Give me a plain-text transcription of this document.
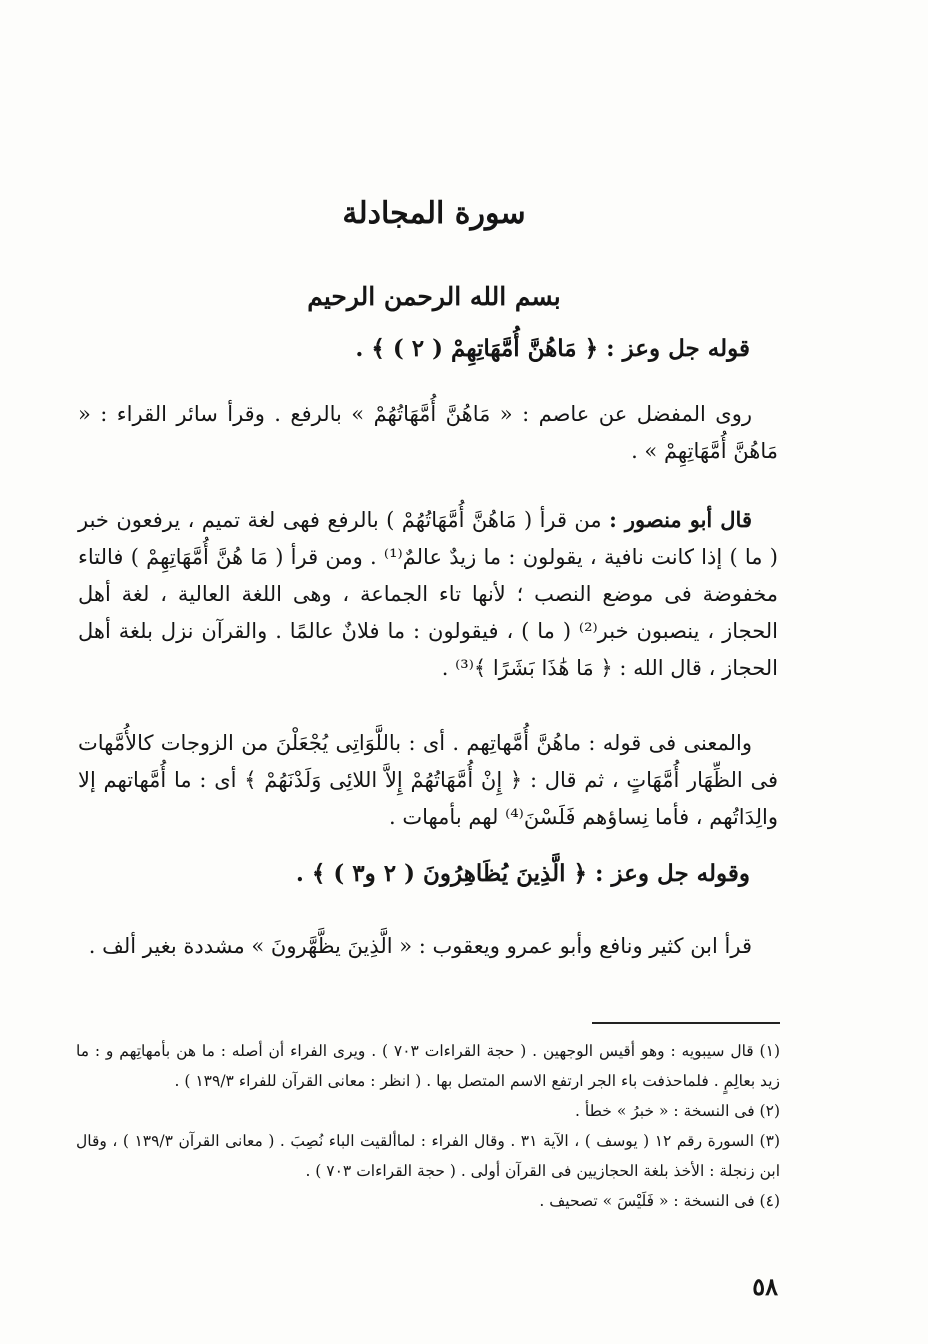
سورة المجادلة
بسم الله الرحمن الرحيم
قوله جل وعز : ﴿ مَاهُنَّ أُمَّهَاتِهِمْ ( ٢ ) ﴾ .

روى المفضل عن عاصم : « مَاهُنَّ أُمَّهَاتُهُمْ » بالرفع . وقرأ سائر القراء : « مَاهُنَّ أُمَّهَاتِهِمْ » .

قال أبو منصور : من قرأ ( مَاهُنَّ أُمَّهَاتُهُمْ ) بالرفع فهى لغة تميم ، يرفعون خبر ( ما ) إذا كانت نافية ، يقولون : ما زيدٌ عالمٌ⁽¹⁾ . ومن قرأ ( مَا هُنَّ أُمَّهَاتِهِمْ ) فالتاء مخفوضة فى موضع النصب ؛ لأنها تاء الجماعة ، وهى اللغة العالية ، لغة أهل الحجاز ، ينصبون خبر⁽²⁾ ( ما ) ، فيقولون : ما فلانٌ عالمًا . والقرآن نزل بلغة أهل الحجاز ، قال الله : ﴿ مَا هَٰذَا بَشَرًا ﴾⁽³⁾ .

والمعنى فى قوله : ماهُنَّ أُمَّهاتِهم . أى : باللَّوَاتِى يُجْعَلْنَ من الزوجات كالأُمَّهات فى الظِّهَار أُمَّهَاتٍ ، ثم قال : ﴿ إِنْ أُمَّهَاتُهُمْ إِلاَّ اللائِى وَلَدْنَهُمْ ﴾ أى : ما أُمَّهاتهم إلا والِدَاتُهم ، فأما نِساؤهم فَلَسْنَ⁽⁴⁾ لهم بأمهات .

وقوله جل وعز : ﴿ الَّذِينَ يُظَاهِرُونَ ( ٢ و٣ ) ﴾ .

قرأ ابن كثير ونافع وأبو عمرو ويعقوب : « الَّذِينَ يظَّهَّرونَ » مشددة بغير ألف .

(١) قال سيبويه : وهو أقيس الوجهين . ( حجة القراءات ٧٠٣ ) . ويرى الفراء أن أصله : ما هن بأمهاتِهم و : ما زيد بعالِمٍ . فلماحذفت باء الجر ارتفع الاسم المتصل بها . ( انظر : معانى القرآن للفراء ١٣٩/٣ ) .

(٢) فى النسخة : « خبرُ » خطأ .

(٣) السورة رقم ١٢ ( يوسف ) ، الآية ٣١ . وقال الفراء : لماألقيت الباء نُصِبَ . ( معانى القرآن ١٣٩/٣ ) ، وقال ابن زنجلة : الأخذ بلغة الحجازيين فى القرآن أولى . ( حجة القراءات ٧٠٣ ) .

(٤) فى النسخة : « فَلَيْسَ » تصحيف .

٥٨
